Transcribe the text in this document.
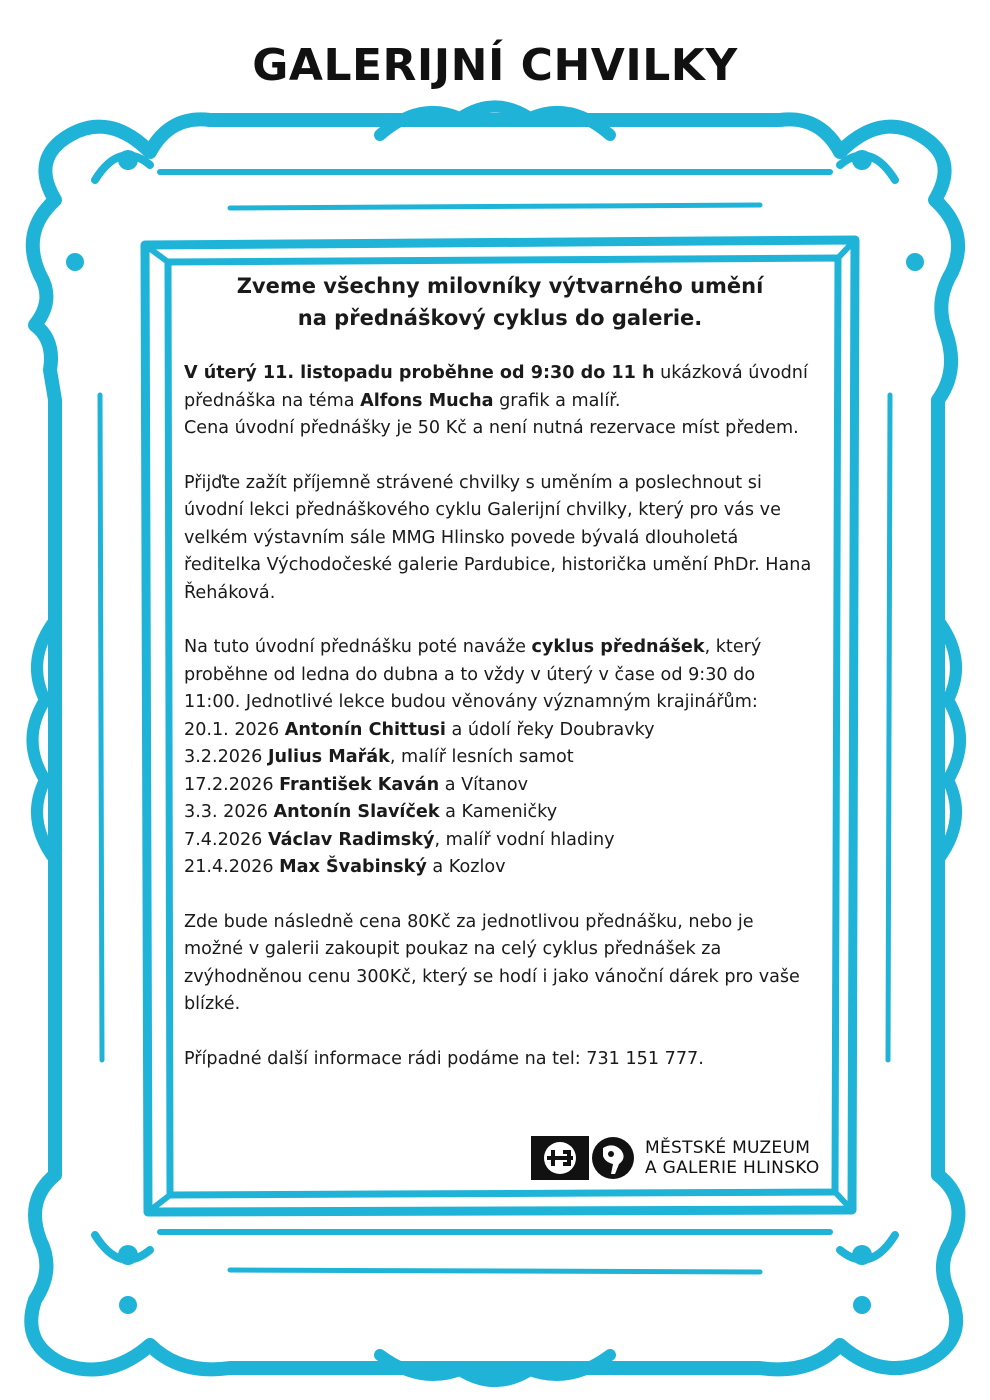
GALERIJNÍ CHVILKY
Zveme všechny milovníky výtvarného umění
na přednáškový cyklus do galerie.

V úterý 11. listopadu proběhne od 9:30 do 11 h ukázková úvodní přednáška na téma Alfons Mucha grafik a malíř.
Cena úvodní přednášky je 50 Kč a není nutná rezervace míst předem.

Přijďte zažít příjemně strávené chvilky s uměním a poslechnout si úvodní lekci přednáškového cyklu Galerijní chvilky, který pro vás ve velkém výstavním sále MMG Hlinsko povede bývalá dlouholetá ředitelka Východočeské galerie Pardubice, historička umění PhDr. Hana Řeháková.

Na tuto úvodní přednášku poté naváže cyklus přednášek, který proběhne od ledna do dubna a to vždy v úterý v čase od 9:30 do 11:00. Jednotlivé lekce budou věnovány významným krajinářům:
20.1. 2026 Antonín Chittusi a údolí řeky Doubravky
3.2.2026 Julius Mařák, malíř lesních samot
17.2.2026 František Kaván a Vítanov
3.3. 2026 Antonín Slavíček a Kameničky
7.4.2026 Václav Radimský, malíř vodní hladiny
21.4.2026 Max Švabinský a Kozlov

Zde bude následně cena 80Kč za jednotlivou přednášku, nebo je možné v galerii zakoupit poukaz na celý cyklus přednášek za zvýhodněnou cenu 300Kč, který se hodí i jako vánoční dárek pro vaše blízké.

Případné další informace rádi podáme na tel: 731 151 777.

MĚSTSKÉ MUZEUM
A GALERIE HLINSKO
